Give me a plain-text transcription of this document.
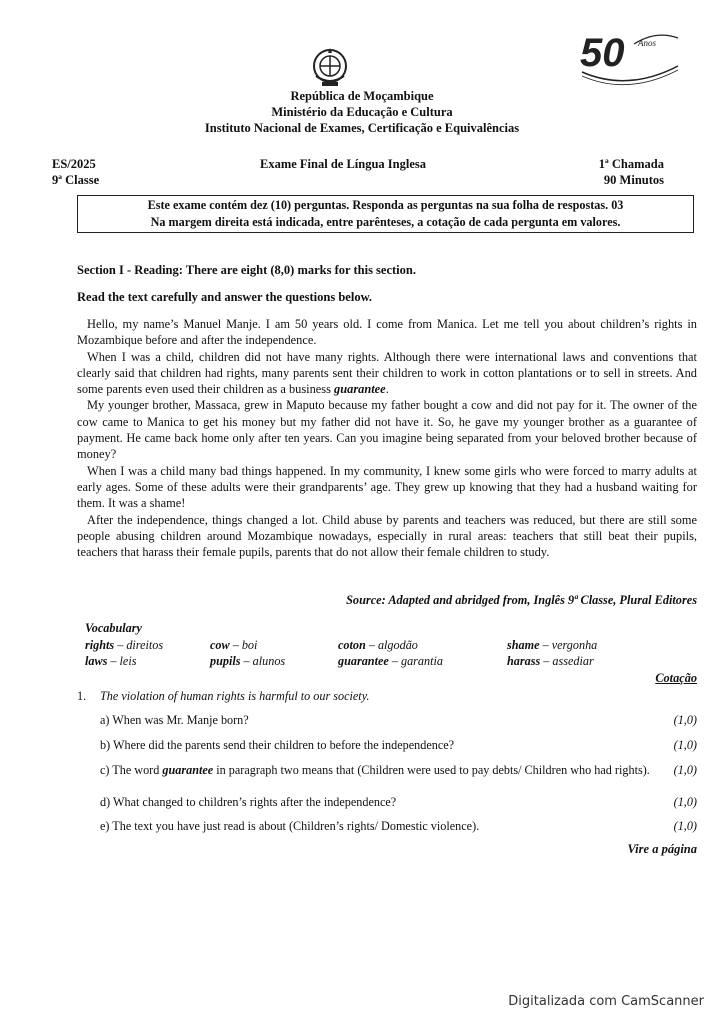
50 Anos
República de Moçambique
Ministério da Educação e Cultura
Instituto Nacional de Exames, Certificação e Equivalências
ES/2025
9ª Classe
Exame Final de Língua Inglesa	1ª Chamada
90 Minutos
Este exame contém dez (10) perguntas. Responda as perguntas na sua folha de respostas. 03
Na margem direita está indicada, entre parênteses, a cotação de cada pergunta em valores.
Section I - Reading: There are eight (8,0) marks for this section.
Read the text carefully and answer the questions below.

Hello, my name’s Manuel Manje. I am 50 years old. I come from Manica. Let me tell you about children’s rights in Mozambique before and after the independence.

When I was a child, children did not have many rights. Although there were international laws and conventions that clearly said that children had rights, many parents sent their children to work in cotton plantations or to sell in streets. And some parents even used their children as a business guarantee.

My younger brother, Massaca, grew in Maputo because my father bought a cow and did not pay for it. The owner of the cow came to Manica to get his money but my father did not have it. So, he gave my younger brother as a guarantee of payment. He came back home only after ten years. Can you imagine being separated from your beloved brother because of money?

When I was a child many bad things happened. In my community, I knew some girls who were forced to marry adults at early ages. Some of these adults were their grandparents’ age. They grew up knowing that they had a husband waiting for them. It was a shame!

After the independence, things changed a lot. Child abuse by parents and teachers was reduced, but there are still some people abusing children around Mozambique nowadays, especially in rural areas: teachers that still beat their pupils, teachers that harass their female pupils, parents that do not allow their female children to study.

Source: Adapted and abridged from, Inglês 9ª Classe, Plural Editores
Vocabulary
rights – direitos	cow – boi	coton – algodão	shame – vergonha
laws – leis	pupils – alunos	guarantee – garantia	harass – assediar
Cotação
1. The violation of human rights is harmful to our society.
a) When was Mr. Manje born?	(1,0)
b) Where did the parents send their children to before the independence?	(1,0)
c) The word guarantee in paragraph two means that (Children were used to pay debts/ Children who had rights).	(1,0)
d) What changed to children’s rights after the independence?	(1,0)
e) The text you have just read is about (Children’s rights/ Domestic violence).	(1,0)
Vire a página
Digitalizada com CamScanner
